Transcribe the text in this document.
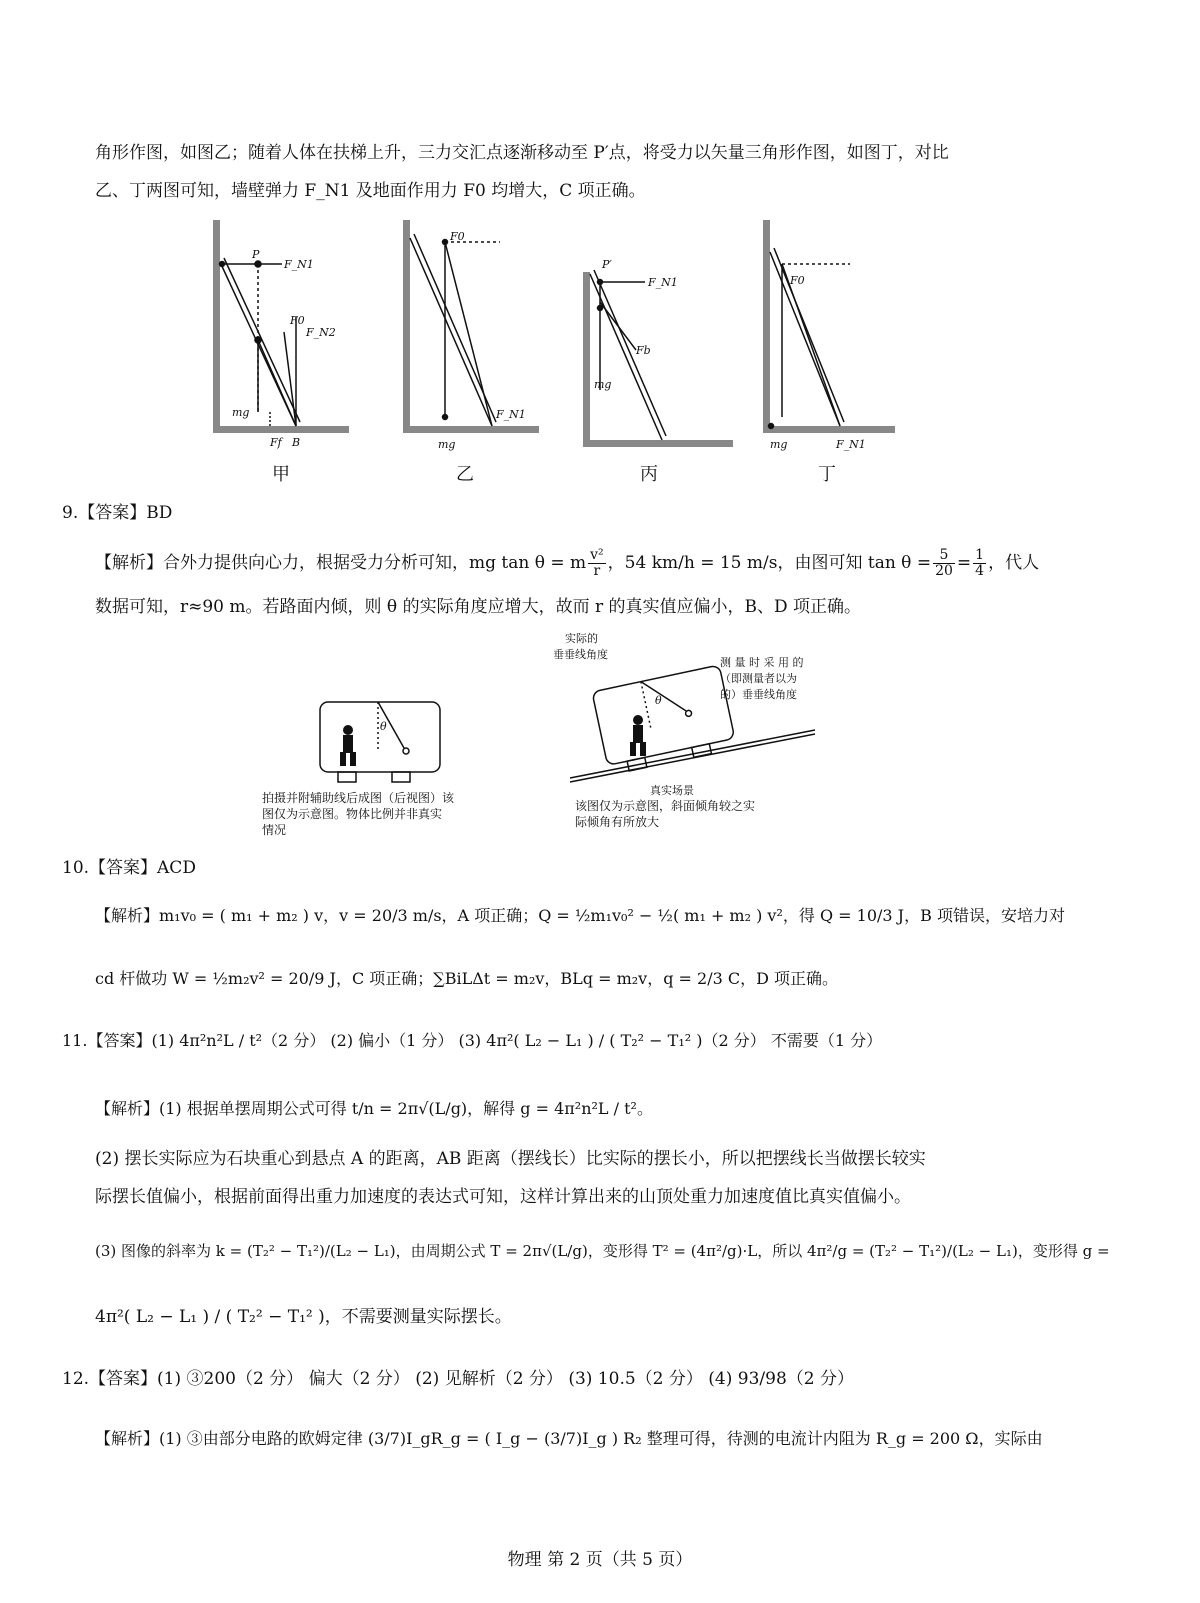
角形作图，如图乙；随着人体在扶梯上升，三力交汇点逐渐移动至 P′点，将受力以矢量三角形作图，如图丁，对比
乙、丁两图可知，墙壁弹力 F_N1 及地面作用力 F0 均增大，C 项正确。
P
F_N1
F0
F_N2
mg
Ff B
F0
mg
F_N1
P′
F_N1
Fb
mg
F0
mg	F_N1
甲	乙	丙	丁
9.【答案】BD
【解析】合外力提供向心力，根据受力分析可知，mg tan θ = m $\frac{\text{v²}}{r}$ ，54 km/h = 15 m/s，由图可知 $\tan \theta = \frac{5}{20} = \frac{1}{4}$ ，代人
数据可知，r≈90 m。若路面内倾，则 θ 的实际角度应增大，故而 r 的真实值应偏小，B、D 项正确。
θ
θ
实际的
垂垂线角度
测 量 时 采 用 的
（即测量者以为
的）垂垂线角度
真实场景
拍摄并附辅助线后成图（后视图）该
图仅为示意图。物体比例并非真实
情况
该图仅为示意图，斜面倾角较之实
际倾角有所放大
10.【答案】ACD
【解析】m₁v₀ = ( m₁ + m₂ ) v，v = 20/3 m/s，A 项正确；Q = ½m₁v₀² − ½( m₁ + m₂ ) v²，得 Q = 10/3 J，B 项错误，安培力对
cd 杆做功 W = ½m₂v² = 20/9 J，C 项正确；∑BiLΔt = m₂v，BLq = m₂v，q = 2/3 C，D 项正确。
11.【答案】(1) 4π²n²L / t²（2 分） (2) 偏小（1 分） (3) 4π²( L₂ − L₁ ) / ( T₂² − T₁² )（2 分） 不需要（1 分）
【解析】(1) 根据单摆周期公式可得 t/n = 2π√(L/g)，解得 g = 4π²n²L / t²。
(2) 摆长实际应为石块重心到悬点 A 的距离，AB 距离（摆线长）比实际的摆长小，所以把摆线长当做摆长较实
际摆长值偏小，根据前面得出重力加速度的表达式可知，这样计算出来的山顶处重力加速度值比真实值偏小。
(3) 图像的斜率为 k = (T₂² − T₁²)/(L₂ − L₁)，由周期公式 T = 2π√(L/g)，变形得 T² = (4π²/g)·L，所以 4π²/g = (T₂² − T₁²)/(L₂ − L₁)，变形得 g =
4π²( L₂ − L₁ ) / ( T₂² − T₁² )，不需要测量实际摆长。
12.【答案】(1) ③200（2 分） 偏大（2 分） (2) 见解析（2 分） (3) 10.5（2 分） (4) 93/98（2 分）
【解析】(1) ③由部分电路的欧姆定律 (3/7)I_gR_g = ( I_g − (3/7)I_g ) R₂ 整理可得，待测的电流计内阻为 R_g = 200 Ω，实际由
物理 第 2 页（共 5 页）
